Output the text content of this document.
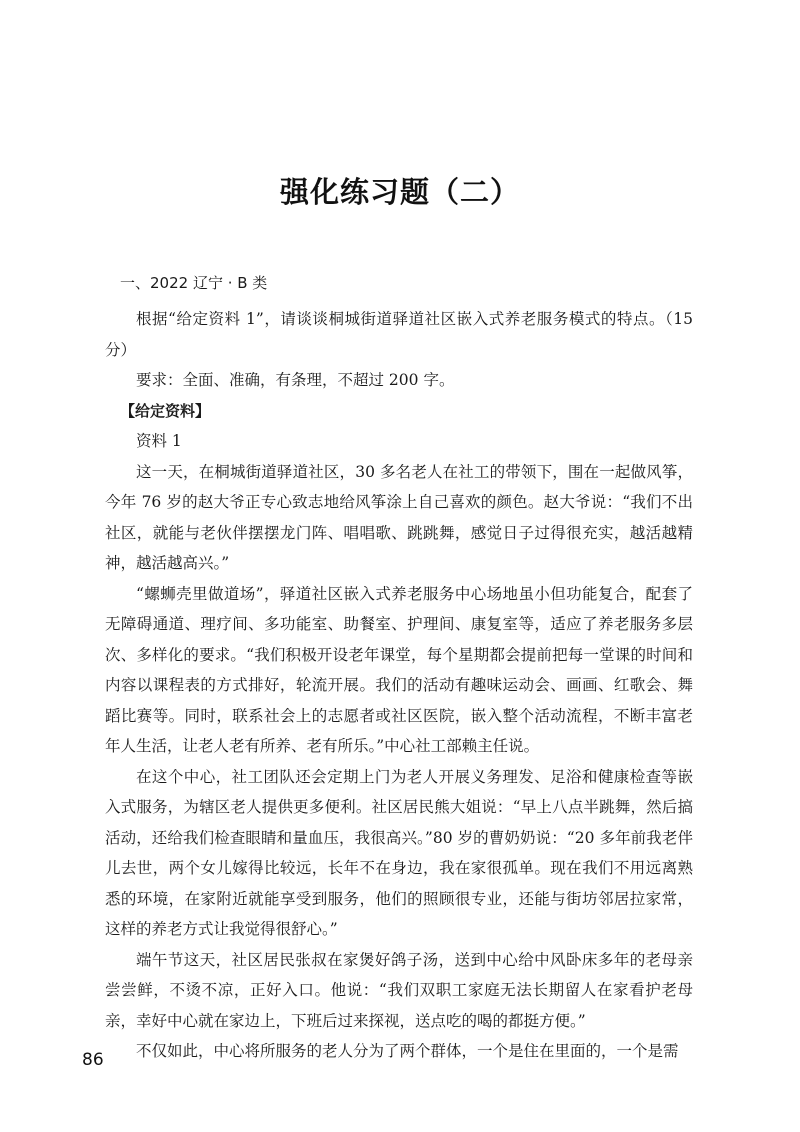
强化练习题（二）
一、2022 辽宁 · B 类

根据“给定资料 1”，请谈谈桐城街道驿道社区嵌入式养老服务模式的特点。（15 分）

要求：全面、准确，有条理，不超过 200 字。

【给定资料】
资料 1

这一天，在桐城街道驿道社区，30 多名老人在社工的带领下，围在一起做风筝，今年 76 岁的赵大爷正专心致志地给风筝涂上自己喜欢的颜色。赵大爷说：“我们不出社区，就能与老伙伴摆摆龙门阵、唱唱歌、跳跳舞，感觉日子过得很充实，越活越精神，越活越高兴。”

“螺蛳壳里做道场”，驿道社区嵌入式养老服务中心场地虽小但功能复合，配套了无障碍通道、理疗间、多功能室、助餐室、护理间、康复室等，适应了养老服务多层次、多样化的要求。“我们积极开设老年课堂，每个星期都会提前把每一堂课的时间和内容以课程表的方式排好，轮流开展。我们的活动有趣味运动会、画画、红歌会、舞蹈比赛等。同时，联系社会上的志愿者或社区医院，嵌入整个活动流程，不断丰富老年人生活，让老人老有所养、老有所乐。”中心社工部赖主任说。

在这个中心，社工团队还会定期上门为老人开展义务理发、足浴和健康检查等嵌入式服务，为辖区老人提供更多便利。社区居民熊大姐说：“早上八点半跳舞，然后搞活动，还给我们检查眼睛和量血压，我很高兴。”80 岁的曹奶奶说：“20 多年前我老伴儿去世，两个女儿嫁得比较远，长年不在身边，我在家很孤单。现在我们不用远离熟悉的环境，在家附近就能享受到服务，他们的照顾很专业，还能与街坊邻居拉家常，这样的养老方式让我觉得很舒心。”

端午节这天，社区居民张叔在家煲好鸽子汤，送到中心给中风卧床多年的老母亲尝尝鲜，不烫不凉，正好入口。他说：“我们双职工家庭无法长期留人在家看护老母亲，幸好中心就在家边上，下班后过来探视，送点吃的喝的都挺方便。”

不仅如此，中心将所服务的老人分为了两个群体，一个是住在里面的，一个是需

86
